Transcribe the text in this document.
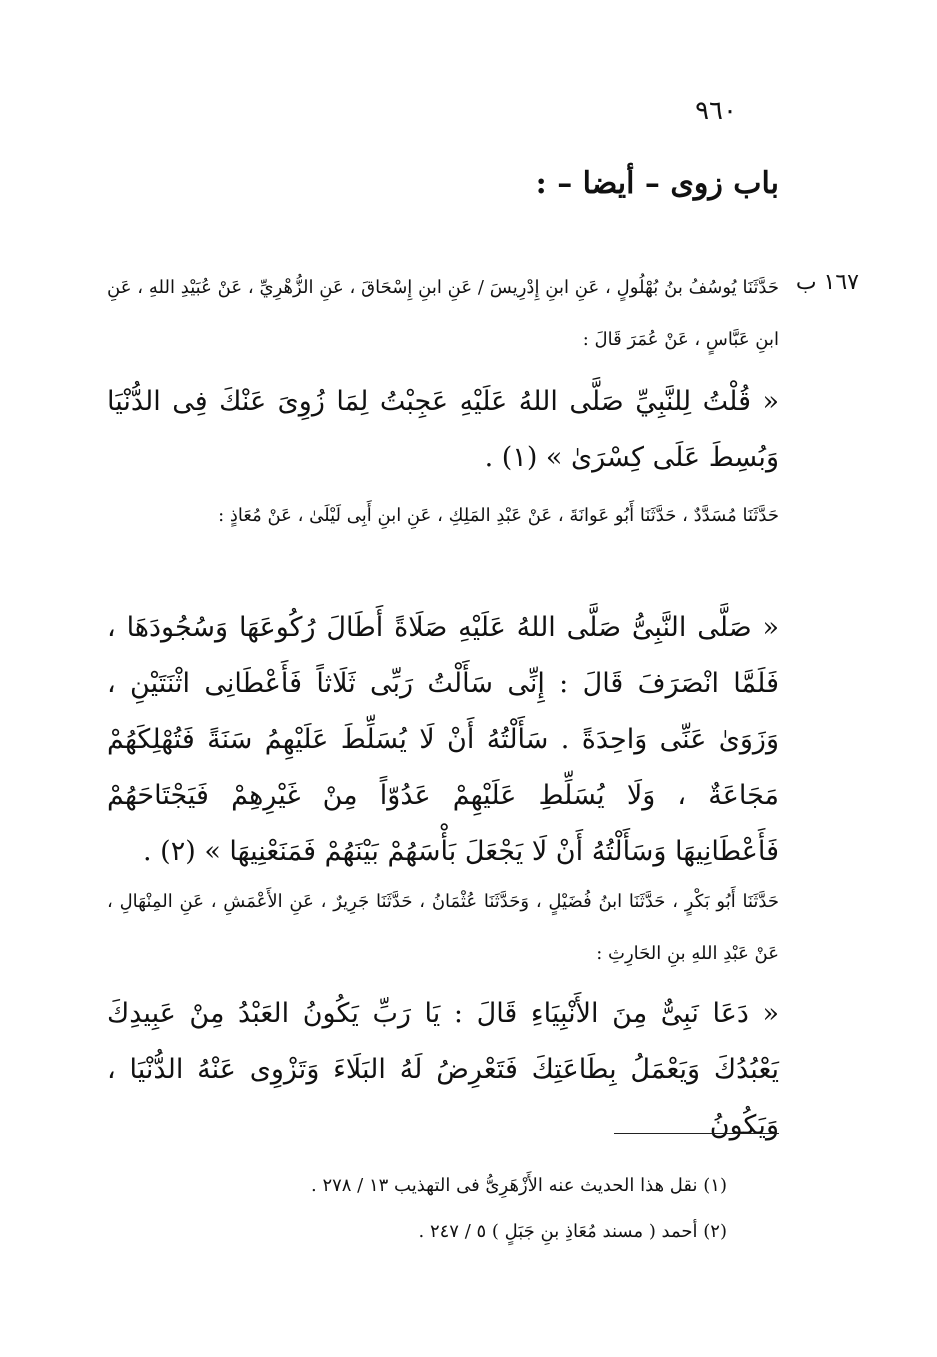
٩٦٠
باب زوى – أيضا – :
١٦٧ ب
حَدَّثَنَا يُوسُفُ بنُ بُهْلُولٍ ، عَنِ ابنِ إِدْرِيسَ / عَنِ ابنِ إِسْحَاقَ ، عَنِ الزُّهْرِيِّ ، عَنْ عُبَيْدِ اللهِ ، عَنِ ابنِ عَبَّاسٍ ، عَنْ عُمَرَ قَالَ :
« قُلْتُ لِلنَّبِيِّ صَلَّى اللهُ عَلَيْهِ عَجِبْتُ لِمَا زُوِىَ عَنْكَ فِى الدُّنْيَا وَبُسِطَ عَلَى كِسْرَىٰ » (١) .
حَدَّثَنَا مُسَدَّدٌ ، حَدَّثَنَا أَبُو عَوانَةَ ، عَنْ عَبْدِ المَلِكِ ، عَنِ ابنِ أَبِى لَيْلَىٰ ، عَنْ مُعَاذٍ :
« صَلَّى النَّبِىُّ صَلَّى اللهُ عَلَيْهِ صَلَاةً أَطَالَ رُكُوعَهَا وَسُجُودَهَا ، فَلَمَّا انْصَرَفَ قَالَ : إِنِّى سَأَلْتُ رَبِّى ثَلَاثاً فَأَعْطَانِى اثْنَتَيْنِ ، وَزَوَىٰ عَنِّى وَاحِدَةً . سَأَلْتُهُ أَنْ لَا يُسَلِّطَ عَلَيْهِمُ سَنَةً فَتُهْلِكَهُمْ مَجَاعَةٌ ، وَلَا يُسَلِّطِ عَلَيْهِمْ عَدُوّاً مِنْ غَيْرِهِمْ فَيَجْتَاحَهُمْ فَأَعْطَانِيهَا وَسَأَلْتُهُ أَنْ لَا يَجْعَلَ بَأْسَهُمْ بَيْنَهُمْ فَمَنَعْنِيهَا » (٢) .
حَدَّثَنَا أَبُو بَكْرٍ ، حَدَّثَنَا ابنُ فُضَيْلٍ ، وَحَدَّثَنَا عُثْمَانُ ، حَدَّثَنَا جَرِيرٌ ، عَنِ الأَعْمَشِ ، عَنِ المِنْهَالِ ، عَنْ عَبْدِ اللهِ بنِ الحَارِثِ :
« دَعَا نَبِىٌّ مِنَ الأَنْبِيَاءِ قَالَ : يَا رَبِّ يَكُونُ العَبْدُ مِنْ عَبِيدِكَ يَعْبُدُكَ وَيَعْمَلُ بِطَاعَتِكَ فَتَعْرِضُ لَهُ البَلَاءَ وَتَزْوِى عَنْهُ الدُّنْيَا ، وَيَكُونُ
(١) نقل هذا الحديث عنه الأَزْهَرِىُّ فى التهذيب ١٣ / ٢٧٨ .
(٢) أحمد ( مسند مُعَاذِ بنِ جَبَلٍ ) ٥ / ٢٤٧ .
